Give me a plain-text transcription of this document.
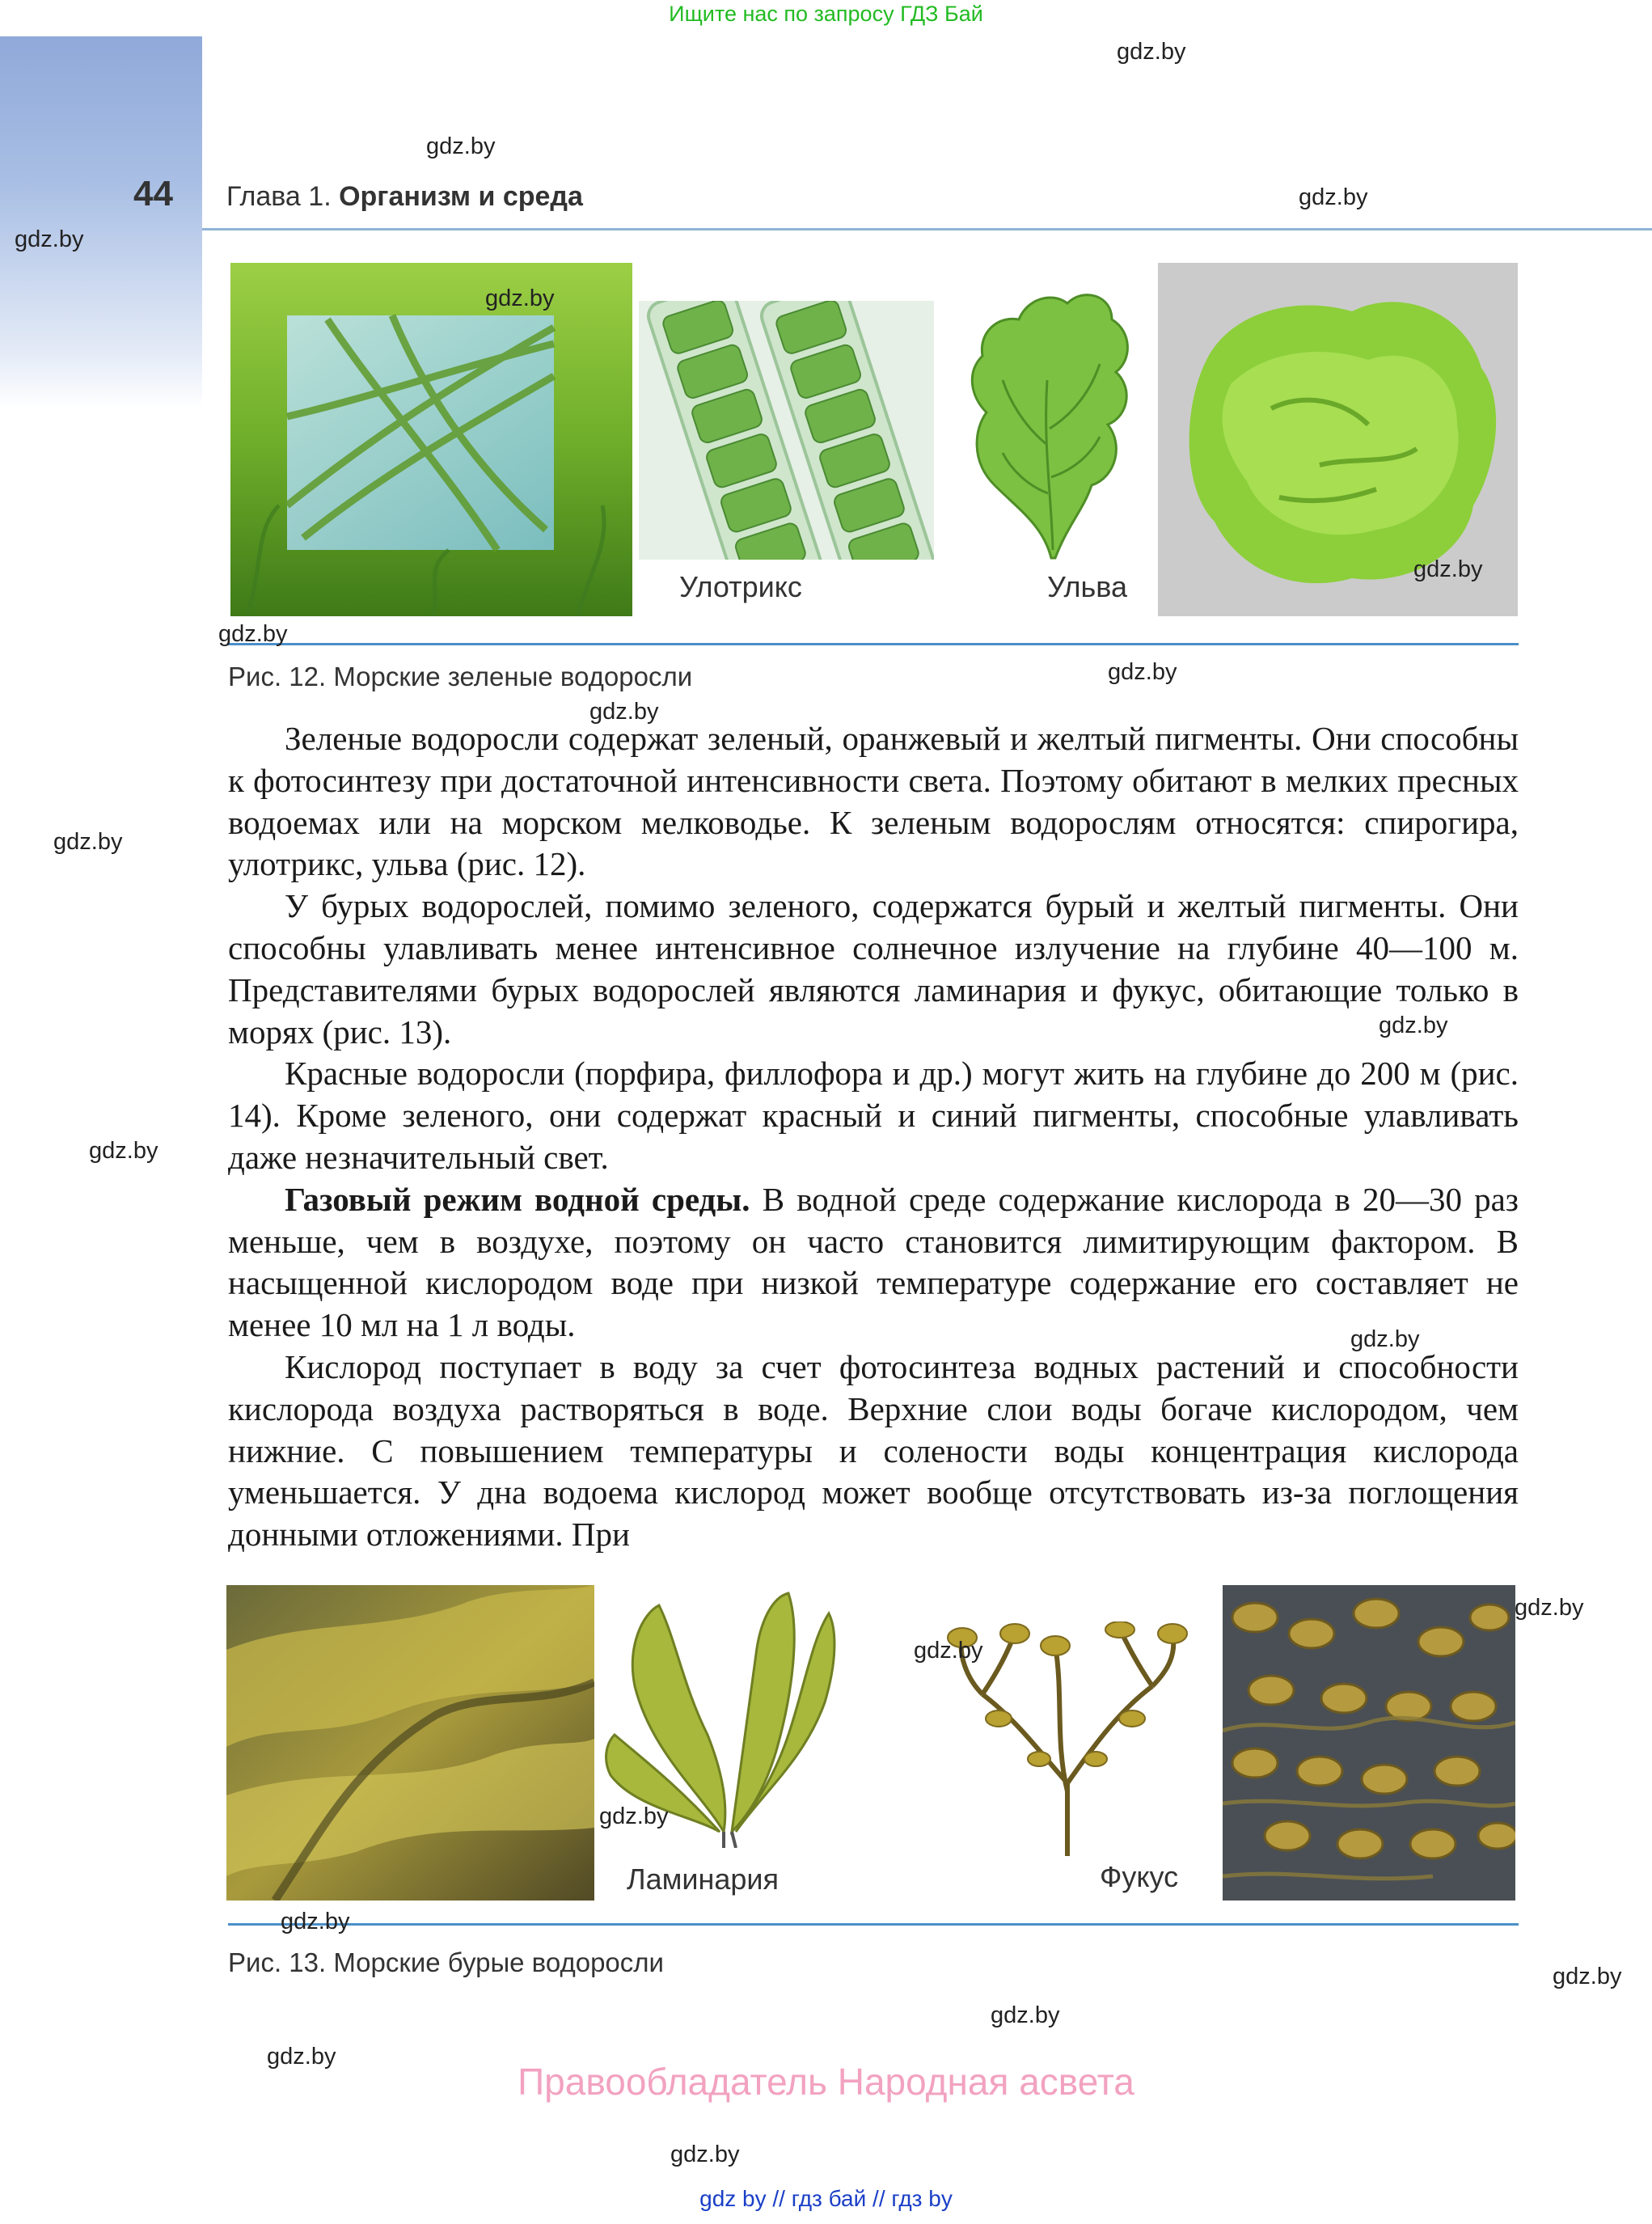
Ищите нас по запросу ГДЗ Бай
44 Глава 1. Организм и среда
Улотрикс	Ульва
Рис. 12. Морские зеленые водоросли

Зеленые водоросли содержат зеленый, оранжевый и желтый пигменты. Они способны к фотосинтезу при достаточной интенсивности света. Поэтому обитают в мелких пресных водоемах или на морском мелководье. К зеленым водорослям относятся: спирогира, улотрикс, ульва (рис. 12).

У бурых водорослей, помимо зеленого, содержатся бурый и желтый пигменты. Они способны улавливать менее интенсивное солнечное излучение на глубине 40—100 м. Представителями бурых водорослей являются ламинария и фукус, обитающие только в морях (рис. 13).

Красные водоросли (порфира, филлофора и др.) могут жить на глубине до 200 м (рис. 14). Кроме зеленого, они содержат красный и синий пигменты, способные улавливать даже незначительный свет.

Газовый режим водной среды. В водной среде содержание кислорода в 20—30 раз меньше, чем в воздухе, поэтому он часто становится лимитирующим фактором. В насыщенной кислородом воде при низкой температуре содержание его составляет не менее 10 мл на 1 л воды.

Кислород поступает в воду за счет фотосинтеза водных растений и способности кислорода воздуха растворяться в воде. Верхние слои воды богаче кислородом, чем нижние. С повышением температуры и солености воды концентрация кислорода уменьшается. У дна водоема кислород может вообще отсутствовать из-за поглощения донными отложениями. При

Ламинария	Фукус
Рис. 13. Морские бурые водоросли
gdz.by
gdz.by
gdz.by
gdz.by
gdz.by
gdz.by
gdz.by
gdz.by
gdz.by
gdz.by
gdz.by
gdz.by
gdz.by
gdz.by
gdz.by
gdz.by
gdz.by
gdz.by
gdz.by
gdz.by
gdz.by
Правообладатель Народная асвета
gdz by // гдз бай // гдз by
